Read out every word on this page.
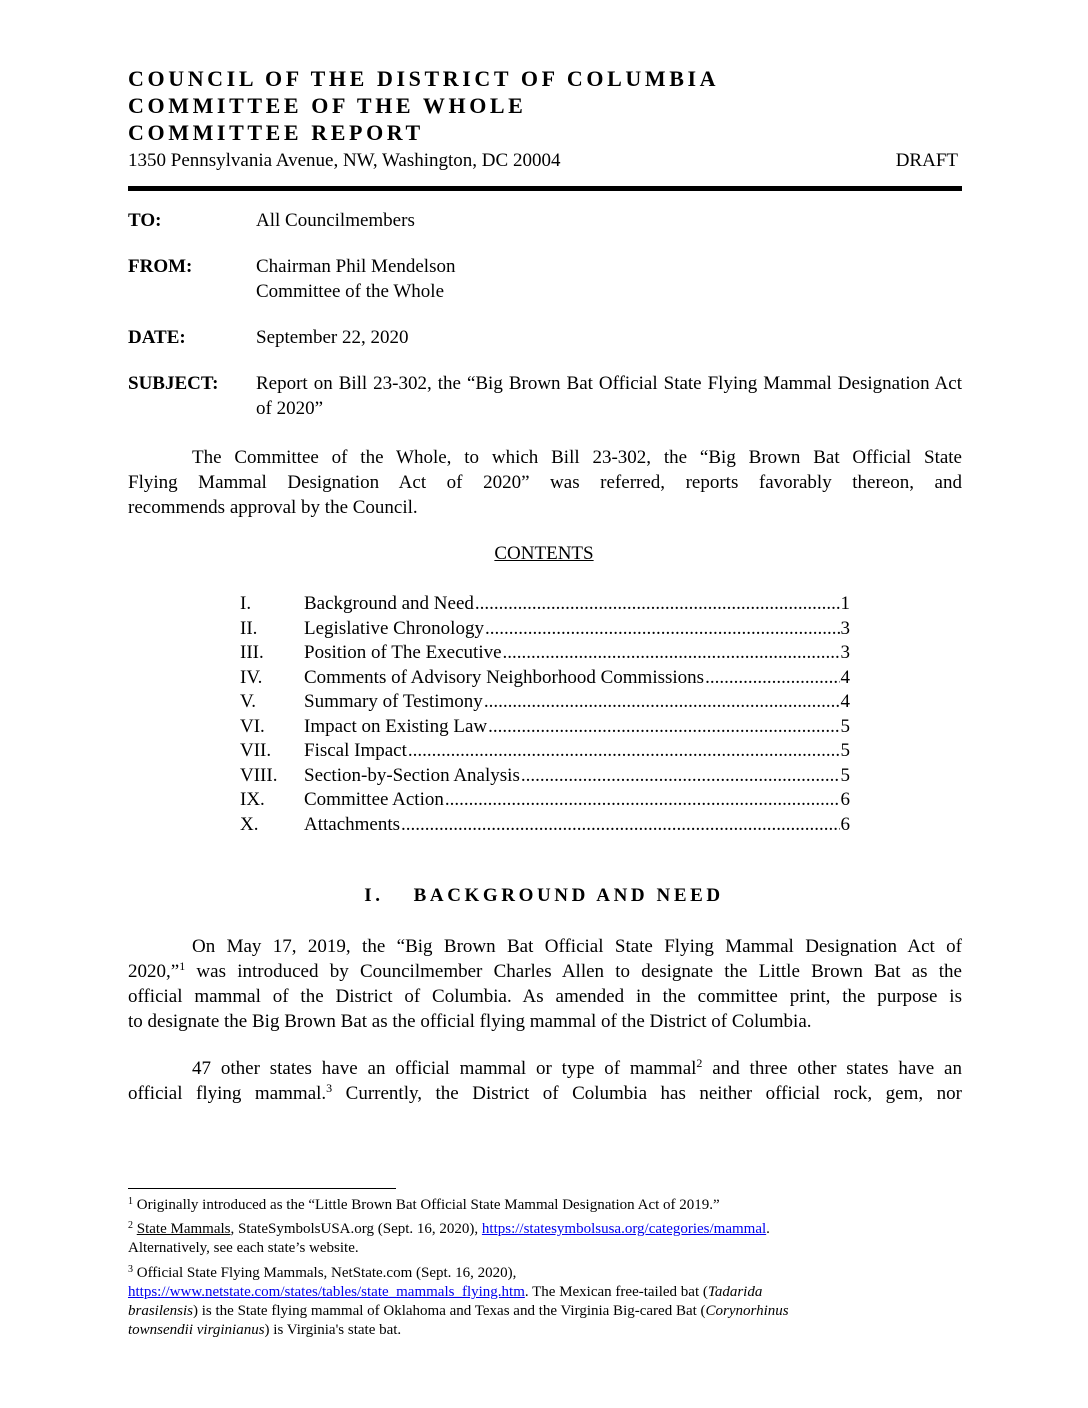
COUNCIL OF THE DISTRICT OF COLUMBIA
COMMITTEE OF THE WHOLE
COMMITTEE REPORT
1350 Pennsylvania Avenue, NW, Washington, DC 20004	DRAFT
TO:	All Councilmembers
FROM:	Chairman Phil Mendelson
Committee of the Whole
DATE:	September 22, 2020
SUBJECT: Report on Bill 23-302, the “Big Brown Bat Official State Flying Mammal Designation Act of 2020”
The Committee of the Whole, to which Bill 23-302, the “Big Brown Bat Official State
Flying Mammal Designation Act of 2020” was referred, reports favorably thereon, and
recommends approval by the Council.
CONTENTS
I.	Background and Need .....	1
II.	Legislative Chronology .....	3
III.	Position of The Executive .....	3
IV.	Comments of Advisory Neighborhood Commissions .....	4
V.	Summary of Testimony .....	4
VI.	Impact on Existing Law .....	5
VII.	Fiscal Impact .....	5
VIII.	Section-by-Section Analysis .....	5
IX.	Committee Action .....	6
X.	Attachments .....	6
I. BACKGROUND AND NEED
On May 17, 2019, the “Big Brown Bat Official State Flying Mammal Designation Act of
2020,”$^1$ was introduced by Councilmember Charles Allen to designate the Little Brown Bat as the
official mammal of the District of Columbia. As amended in the committee print, the purpose is
to designate the Big Brown Bat as the official flying mammal of the District of Columbia.
47 other states have an official mammal or type of mammal$^2$ and three other states have an
official flying mammal.$^3$ Currently, the District of Columbia has neither official rock, gem, nor
$^1$ Originally introduced as the “Little Brown Bat Official State Mammal Designation Act of 2019.”
$^2$ State Mammals, StateSymbolsUSA.org (Sept. 16, 2020), https://statesymbolsusa.org/categories/mammal.
Alternatively, see each state’s website.
$^3$ Official State Flying Mammals, NetState.com (Sept. 16, 2020),
https://www.netstate.com/states/tables/state_mammals_flying.htm. The Mexican free-tailed bat (Tadarida
brasilensis) is the State flying mammal of Oklahoma and Texas and the Virginia Big-cared Bat (Corynorhinus
townsendii virginianus) is Virginia's state bat.
